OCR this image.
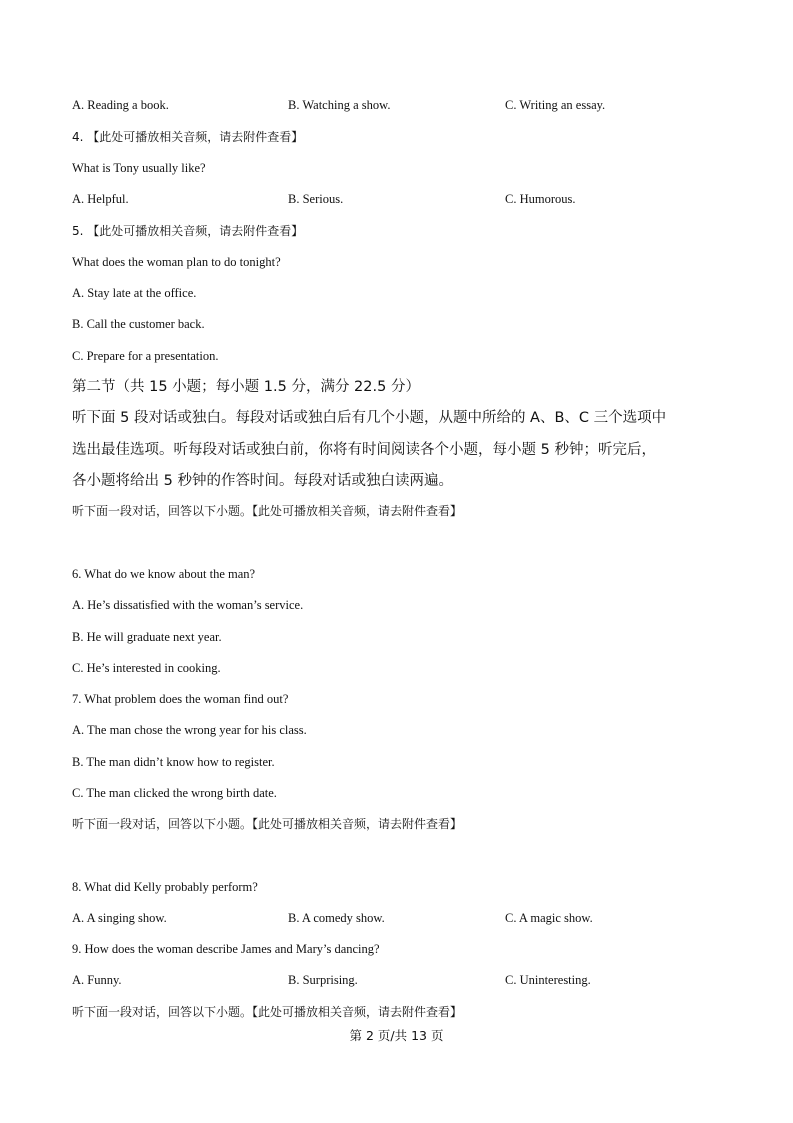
A. Reading a book.	B. Watching a show.	C. Writing an essay.
4. 【此处可播放相关音频，请去附件查看】
What is Tony usually like?
A. Helpful.	B. Serious.	C. Humorous.
5. 【此处可播放相关音频，请去附件查看】
What does the woman plan to do tonight?
A. Stay late at the office.
B. Call the customer back.
C. Prepare for a presentation.
第二节（共 15 小题；每小题 1.5 分，满分 22.5 分）
听下面 5 段对话或独白。每段对话或独白后有几个小题，从题中所给的 A、B、C 三个选项中
选出最佳选项。听每段对话或独白前，你将有时间阅读各个小题，每小题 5 秒钟；听完后，
各小题将给出 5 秒钟的作答时间。每段对话或独白读两遍。
听下面一段对话，回答以下小题。【此处可播放相关音频，请去附件查看】
6. What do we know about the man?
A. He’s dissatisfied with the woman’s service.
B. He will graduate next year.
C. He’s interested in cooking.
7. What problem does the woman find out?
A. The man chose the wrong year for his class.
B. The man didn’t know how to register.
C. The man clicked the wrong birth date.
听下面一段对话，回答以下小题。【此处可播放相关音频，请去附件查看】
8. What did Kelly probably perform?
A. A singing show.	B. A comedy show.	C. A magic show.
9. How does the woman describe James and Mary’s dancing?
A. Funny.	B. Surprising.	C. Uninteresting.
听下面一段对话，回答以下小题。【此处可播放相关音频，请去附件查看】
第 2 页/共 13 页
